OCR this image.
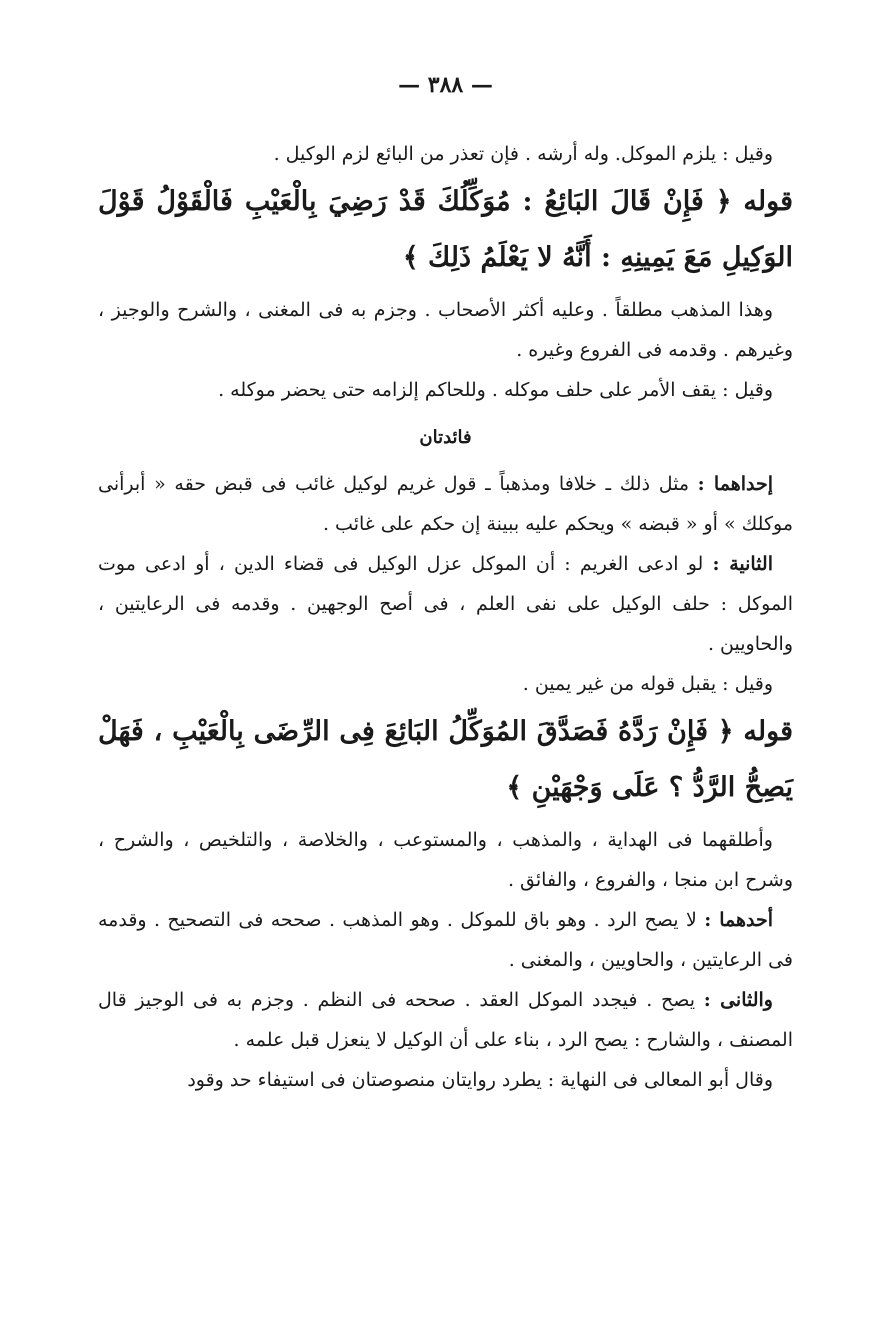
— ٣٨٨ —

وقيل : يلزم الموكل. وله أرشه . فإن تعذر من البائع لزم الوكيل .

قوله ﴿ فَإِنْ قَالَ البَائِعُ : مُوَكِّلُكَ قَدْ رَضِيَ بِالْعَيْبِ فَالْقَوْلُ قَوْلَ الوَكِيلِ مَعَ يَمِينِهِ : أَنَّهُ لا يَعْلَمُ ذَلِكَ ﴾

وهذا المذهب مطلقاً . وعليه أكثر الأصحاب . وجزم به فى المغنى ، والشرح والوجيز ، وغيرهم . وقدمه فى الفروع وغيره .

وقيل : يقف الأمر على حلف موكله . وللحاكم إلزامه حتى يحضر موكله .

فائدتان

إحداهما : مثل ذلك ـ خلافا ومذهباً ـ قول غريم لوكيل غائب فى قبض حقه « أبرأنى موكلك » أو « قبضه » ويحكم عليه ببينة إن حكم على غائب .

الثانية : لو ادعى الغريم : أن الموكل عزل الوكيل فى قضاء الدين ، أو ادعى موت الموكل : حلف الوكيل على نفى العلم ، فى أصح الوجهين . وقدمه فى الرعايتين ، والحاويين .

وقيل : يقبل قوله من غير يمين .

قوله ﴿ فَإِنْ رَدَّهُ فَصَدَّقَ المُوَكِّلُ البَائِعَ فِى الرِّضَى بِالْعَيْبِ ، فَهَلْ يَصِحُّ الرَّدُّ ؟ عَلَى وَجْهَيْنِ ﴾

وأطلقهما فى الهداية ، والمذهب ، والمستوعب ، والخلاصة ، والتلخيص ، والشرح ، وشرح ابن منجا ، والفروع ، والفائق .

أحدهما : لا يصح الرد . وهو باق للموكل . وهو المذهب . صححه فى التصحيح . وقدمه فى الرعايتين ، والحاويين ، والمغنى .

والثانى : يصح . فيجدد الموكل العقد . صححه فى النظم . وجزم به فى الوجيز قال المصنف ، والشارح : يصح الرد ، بناء على أن الوكيل لا ينعزل قبل علمه .

وقال أبو المعالى فى النهاية : يطرد روايتان منصوصتان فى استيفاء حد وقود
